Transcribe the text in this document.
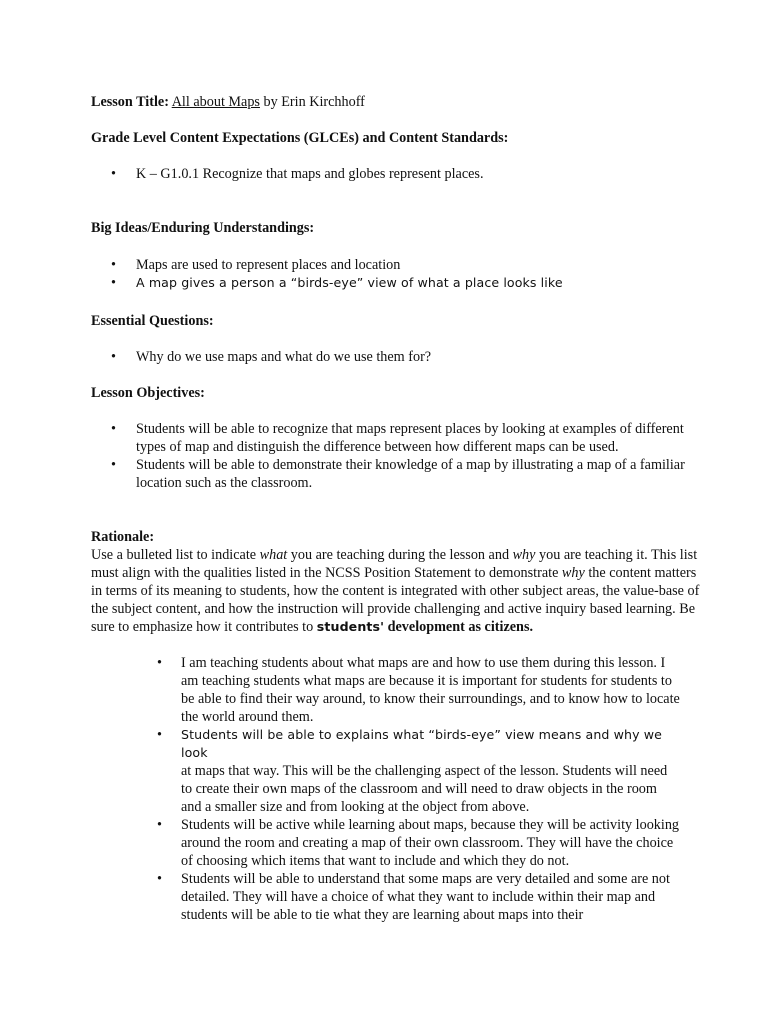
Lesson Title: All about Maps by Erin Kirchhoff

Grade Level Content Expectations (GLCEs) and Content Standards:

• K – G1.0.1 Recognize that maps and globes represent places.

Big Ideas/Enduring Understandings:

• Maps are used to represent places and location
• A map gives a person a “birds-eye” view of what a place looks like

Essential Questions:

• Why do we use maps and what do we use them for?

Lesson Objectives:

• Students will be able to recognize that maps represent places by looking at examples of different types of map and distinguish the difference between how different maps can be used.
• Students will be able to demonstrate their knowledge of a map by illustrating a map of a familiar location such as the classroom.

Rationale:

Use a bulleted list to indicate what you are teaching during the lesson and why you are teaching it. This list must align with the qualities listed in the NCSS Position Statement to demonstrate why the content matters in terms of its meaning to students, how the content is integrated with other subject areas, the value-base of the subject content, and how the instruction will provide challenging and active inquiry based learning. Be sure to emphasize how it contributes to students' development as citizens.

• I am teaching students about what maps are and how to use them during this lesson. I am teaching students what maps are because it is important for students for students to be able to find their way around, to know their surroundings, and to know how to locate the world around them.
• Students will be able to explains what “birds-eye” view means and why we look
at maps that way. This will be the challenging aspect of the lesson. Students will need to create their own maps of the classroom and will need to draw objects in the room and a smaller size and from looking at the object from above.
• Students will be active while learning about maps, because they will be activity looking around the room and creating a map of their own classroom. They will have the choice of choosing which items that want to include and which they do not.
• Students will be able to understand that some maps are very detailed and some are not detailed. They will have a choice of what they want to include within their map and students will be able to tie what they are learning about maps into their
